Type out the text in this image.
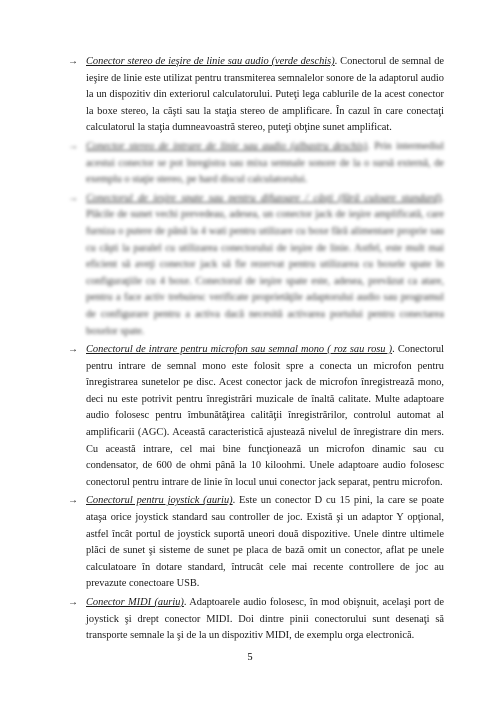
→ Conector stereo de ieşire de linie sau audio (verde deschis). Conectorul de semnal de ieşire de linie este utilizat pentru transmiterea semnalelor sonore de la adaptorul audio la un dispozitiv din exteriorul calculatorului. Puteţi lega cablurile de la acest conector la boxe stereo, la căşti sau la staţia stereo de amplificare. În cazul în care conectaţi calculatorul la staţia dumneavoastră stereo, puteţi obţine sunet amplificat.
→ Conector stereo de intrare de linie sau audio (albastru deschis). Prin intermediul acestui conector se pot înregistra sau mixa semnale sonore de la o sursă externă, de exemplu o staţie stereo, pe hard discul calculatorului.
→ Conectorul de ieşire spate sau pentru difuzoare / căşti (fără culoare standard). Plăcile de sunet vechi prevedeau, adesea, un conector jack de ieşire amplificată, care furniza o putere de până la 4 wati pentru utilizare cu boxe fără alimentare proprie sau cu căşti la paralel cu utilizarea conectorului de ieşire de linie. Astfel, este mult mai eficient să aveţi conector jack să fie rezervat pentru utilizarea cu boxele spate în configuraţiile cu 4 boxe. Conectorul de ieşire spate este, adesea, prevăzut ca atare, pentru a face activ trebuiesc verificate proprietăţile adaptorului audio sau programul de configurare pentru a activa dacă necesită activarea portului pentru conectarea boxelor spate.
→ Conectorul de intrare pentru microfon sau semnal mono ( roz sau rosu ). Conectorul pentru intrare de semnal mono este folosit spre a conecta un microfon pentru înregistrarea sunetelor pe disc. Acest conector jack de microfon înregistrează mono, deci nu este potrivit pentru înregistrări muzicale de înaltă calitate. Multe adaptoare audio folosesc pentru îmbunătăţirea calităţii înregistrărilor, controlul automat al amplificarii (AGC). Această caracteristică ajustează nivelul de înregistrare din mers. Cu această intrare, cel mai bine funcţionează un microfon dinamic sau cu condensator, de 600 de ohmi până la 10 kiloohmi. Unele adaptoare audio folosesc conectorul pentru intrare de linie în locul unui conector jack separat, pentru microfon.
→ Conectorul pentru joystick (auriu). Este un conector D cu 15 pini, la care se poate ataşa orice joystick standard sau controller de joc. Există şi un adaptor Y opţional, astfel încât portul de joystick suportă uneori două dispozitive. Unele dintre ultimele plăci de sunet şi sisteme de sunet pe placa de bază omit un conector, aflat pe unele calculatoare în dotare standard, întrucât cele mai recente controllere de joc au prevazute conectoare USB.
→ Conector MIDI (auriu). Adaptoarele audio folosesc, în mod obişnuit, acelaşi port de joystick şi drept conector MIDI. Doi dintre pinii conectorului sunt desenaţi să transporte semnale la şi de la un dispozitiv MIDI, de exemplu orga electronică.
5
